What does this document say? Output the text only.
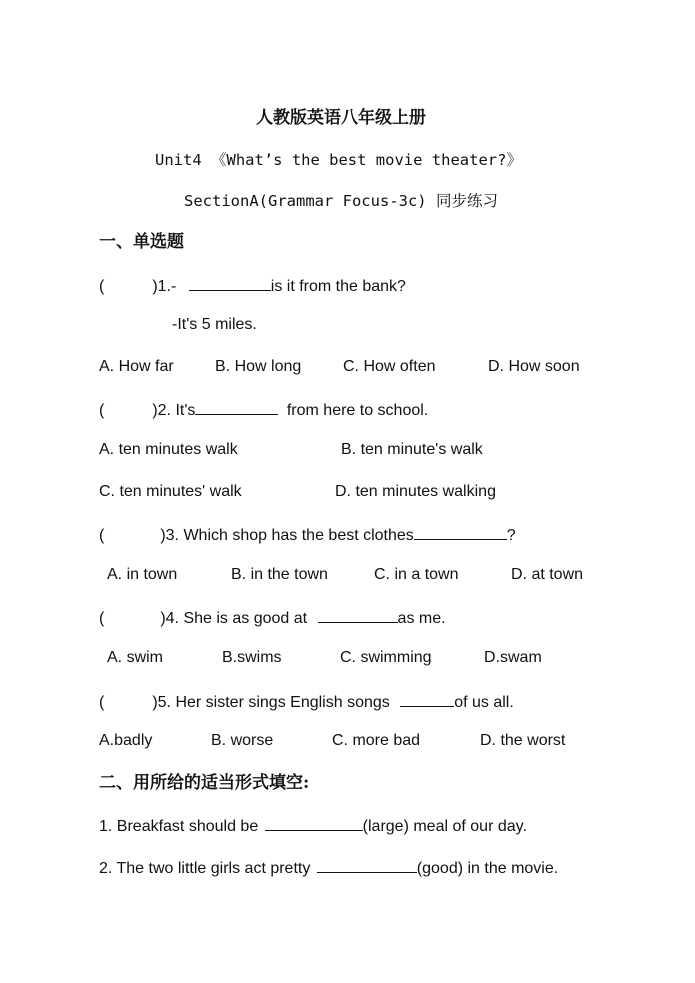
人教版英语八年级上册
Unit4 《What’s the best movie theater?》
SectionA(Grammar Focus-3c) 同步练习
一、单选题
(	)1.-	is it from the bank?
-It's 5 miles.
A. How far	B. How long	C. How often	D. How soon
(	)2. It's	from here to school.
A. ten minutes walk	B. ten minute's walk
C. ten minutes' walk	D. ten minutes walking
(	)3. Which shop has the best clothes	?
A. in town	B. in the town	C. in a town	D. at town
(	)4. She is as good at	as me.
A. swim	B.swims	C. swimming	D.swam
(	)5. Her sister sings English songs	of us all.
A.badly	B. worse	C. more bad	D. the worst
二、用所给的适当形式填空:
1. Breakfast should be	(large) meal of our day.
2. The two little girls act pretty	(good) in the movie.
